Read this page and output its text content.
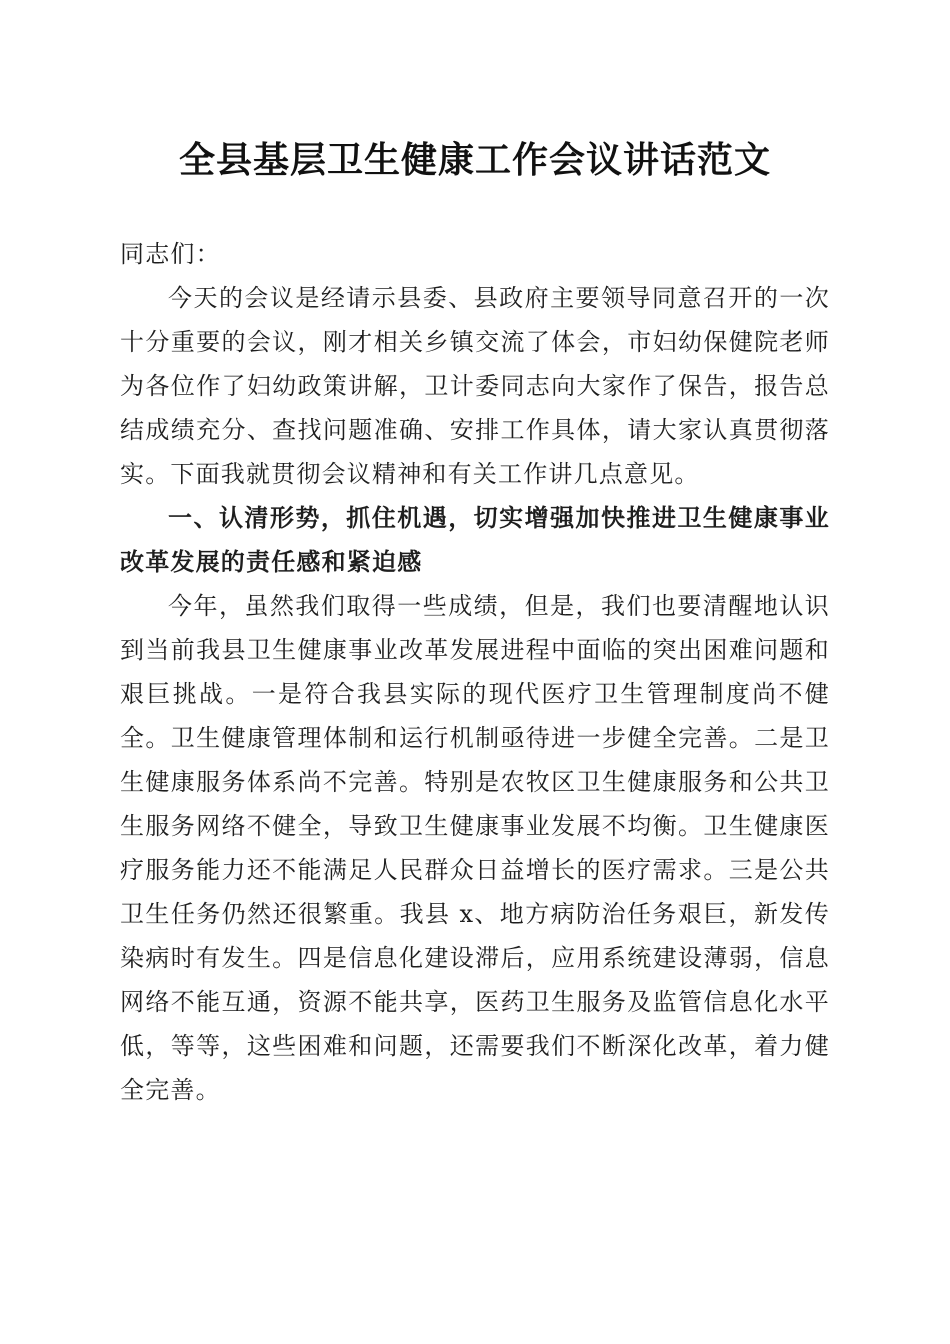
全县基层卫生健康工作会议讲话范文

同志们：

今天的会议是经请示县委、县政府主要领导同意召开的一次十分重要的会议，刚才相关乡镇交流了体会，市妇幼保健院老师为各位作了妇幼政策讲解，卫计委同志向大家作了保告，报告总结成绩充分、查找问题准确、安排工作具体，请大家认真贯彻落实。下面我就贯彻会议精神和有关工作讲几点意见。

一、认清形势，抓住机遇，切实增强加快推进卫生健康事业改革发展的责任感和紧迫感

今年，虽然我们取得一些成绩，但是，我们也要清醒地认识到当前我县卫生健康事业改革发展进程中面临的突出困难问题和艰巨挑战。一是符合我县实际的现代医疗卫生管理制度尚不健全。卫生健康管理体制和运行机制亟待进一步健全完善。二是卫生健康服务体系尚不完善。特别是农牧区卫生健康服务和公共卫生服务网络不健全，导致卫生健康事业发展不均衡。卫生健康医疗服务能力还不能满足人民群众日益增长的医疗需求。三是公共卫生任务仍然还很繁重。我县 x、地方病防治任务艰巨，新发传染病时有发生。四是信息化建设滞后，应用系统建设薄弱，信息网络不能互通，资源不能共享，医药卫生服务及监管信息化水平低，等等，这些困难和问题，还需要我们不断深化改革，着力健全完善。
